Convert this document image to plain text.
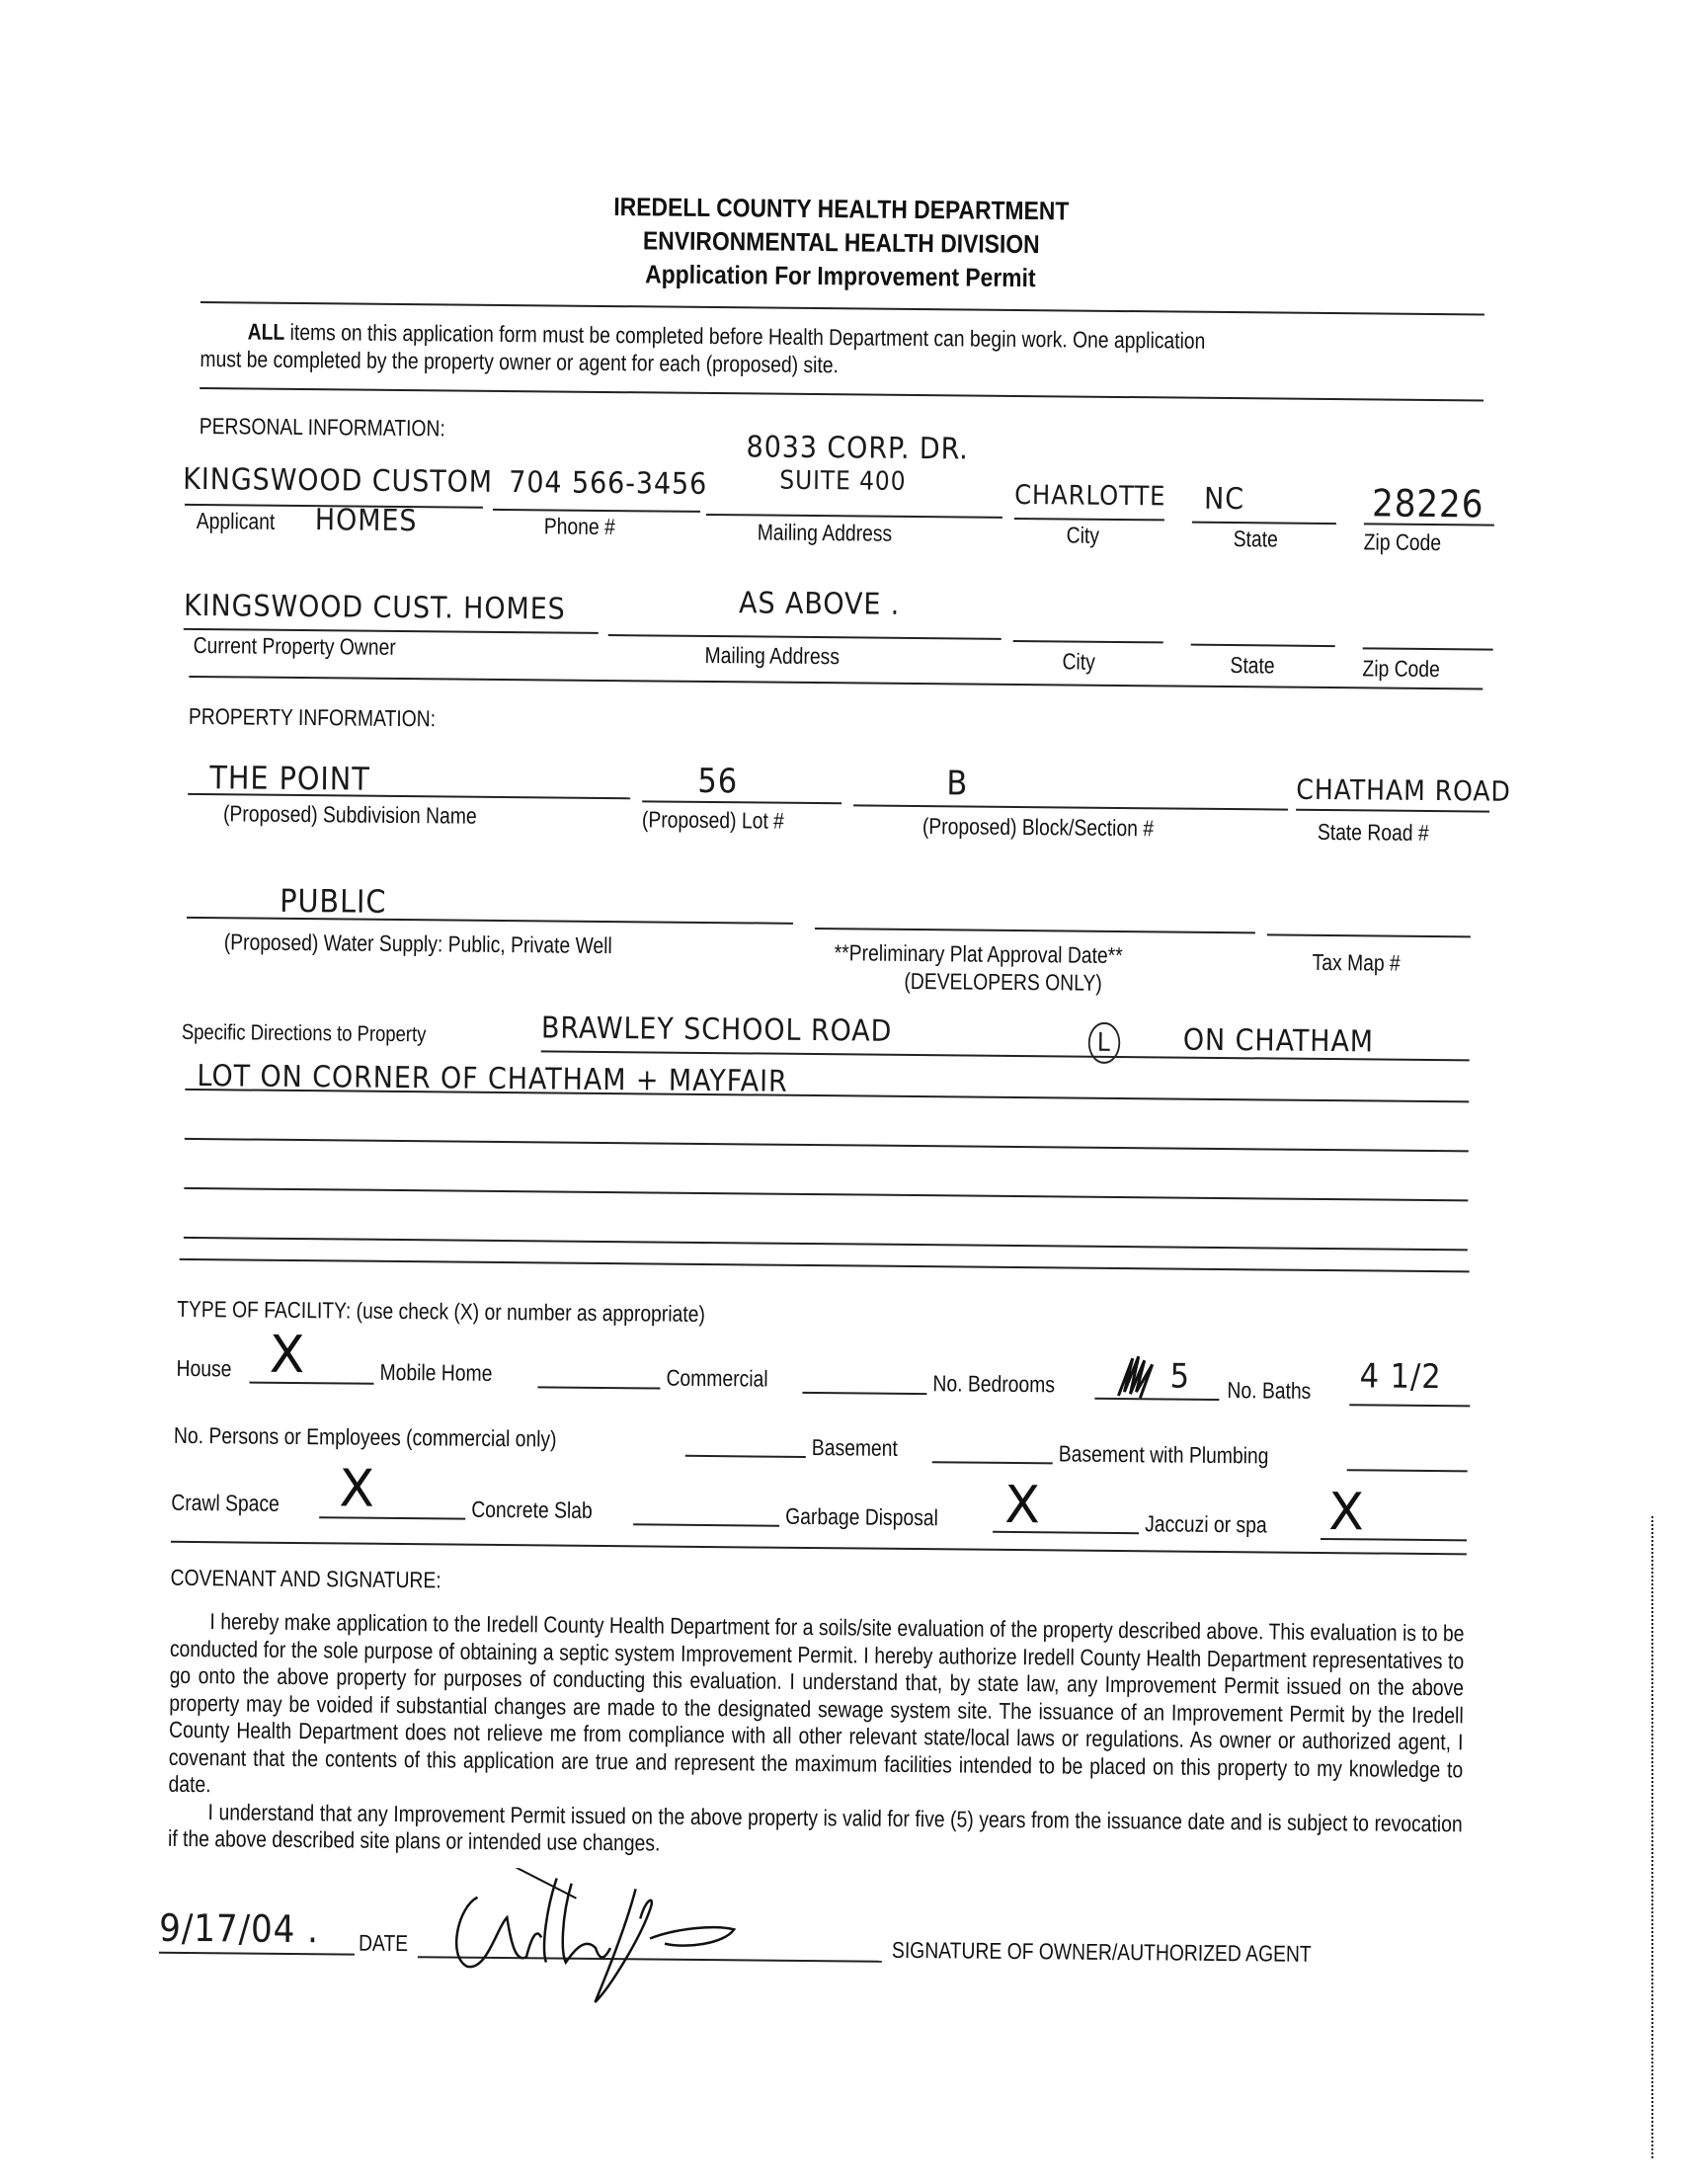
IREDELL COUNTY HEALTH DEPARTMENT
ENVIRONMENTAL HEALTH DIVISION
Application For Improvement Permit
ALL items on this application form must be completed before Health Department can begin work. One application
must be completed by the property owner or agent for each (proposed) site.
PERSONAL INFORMATION:
KINGSWOOD CUSTOM
Applicant	HOMES
704 566-3456
Phone #
8033 CORP. DR.
SUITE 400
Mailing Address
CHARLOTTE
City
NC
State
28226
Zip Code
KINGSWOOD CUST. HOMES
Current Property Owner
AS ABOVE .
Mailing Address	City	State	Zip Code
PROPERTY INFORMATION:
THE POINT
(Proposed) Subdivision Name
56
(Proposed) Lot #
B
(Proposed) Block/Section #
CHATHAM ROAD
State Road #
PUBLIC
(Proposed) Water Supply: Public, Private Well	**Preliminary Plat Approval Date**
(DEVELOPERS ONLY)
Tax Map #
Specific Directions to Property	BRAWLEY SCHOOL ROAD	L	ON CHATHAM
LOT ON CORNER OF CHATHAM + MAYFAIR
TYPE OF FACILITY: (use check (X) or number as appropriate)
House X	Mobile Home	Commercial	No. Bedrooms	5 No. Baths	4 1/2
No. Persons or Employees (commercial only)	Basement	Basement with Plumbing
Crawl Space	X	Concrete Slab	Garbage Disposal	X	Jaccuzi or spa	X
COVENANT AND SIGNATURE:

I hereby make application to the Iredell County Health Department for a soils/site evaluation of the property described above. This evaluation is to be conducted for the sole purpose of obtaining a septic system Improvement Permit. I hereby authorize Iredell County Health Department representatives to go onto the above property for purposes of conducting this evaluation. I understand that, by state law, any Improvement Permit issued on the above property may be voided if substantial changes are made to the designated sewage system site. The issuance of an Improvement Permit by the Iredell County Health Department does not relieve me from compliance with all other relevant state/local laws or regulations. As owner or authorized agent, I covenant that the contents of this application are true and represent the maximum facilities intended to be placed on this property to my knowledge to date.

I understand that any Improvement Permit issued on the above property is valid for five (5) years from the issuance date and is subject to revocation if the above described site plans or intended use changes.

9/17/04 . DATE	SIGNATURE OF OWNER/AUTHORIZED AGENT
